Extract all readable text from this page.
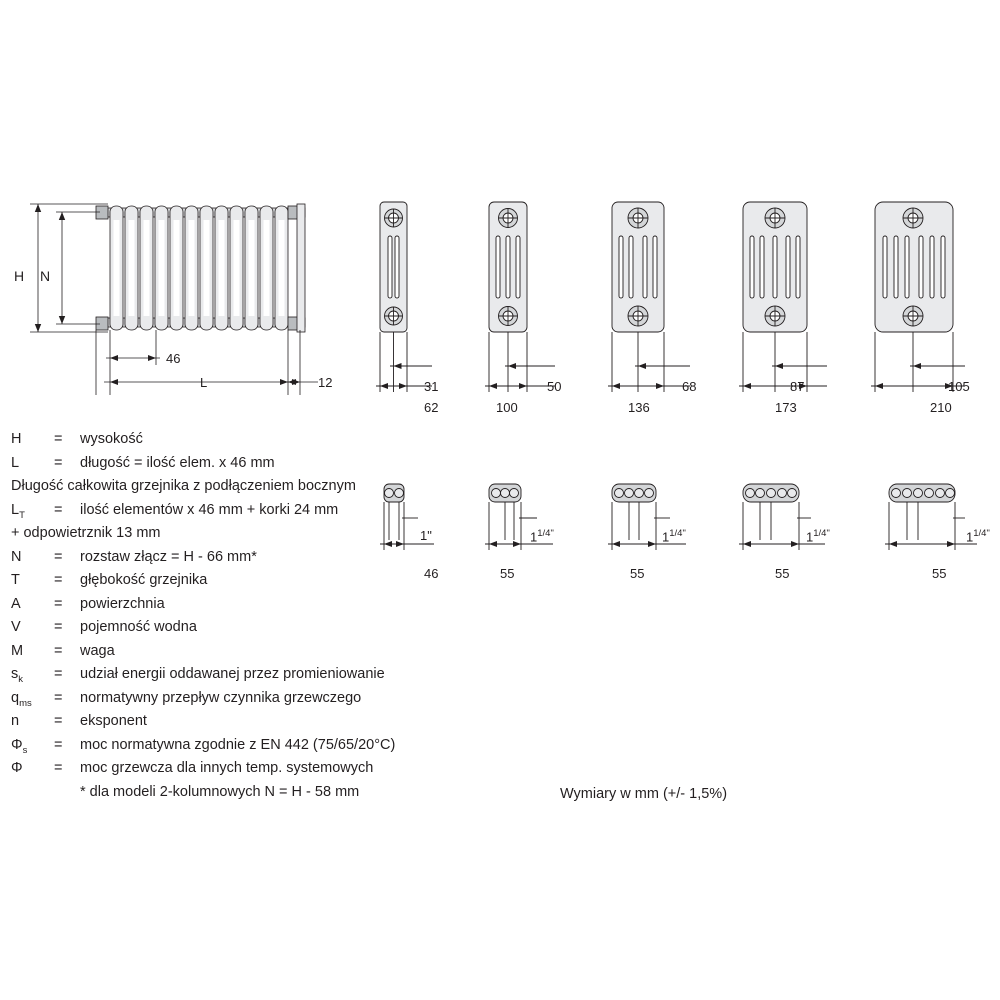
H N
46
L	12	31
62
50
100
68
136
87
173
105
210
1"
46
$1^{1/4"}$
55
$1^{1/4"}$
55
$1^{1/4"}$
55
$1^{1/4"}$
55
H	= wysokość
L	= długość = ilość elem. x 46 mm
Długość całkowita grzejnika z podłączeniem bocznym
$L_T$	= ilość elementów x 46 mm + korki 24 mm
+ odpowietrznik 13 mm
N	= rozstaw złącz = H - 66 mm*
T	= głębokość grzejnika
A	= powierzchnia
V	= pojemność wodna
M	= waga
$s_k$	= udział energii oddawanej przez promieniowanie
$q_{ms}$	= normatywny przepływ czynnika grzewczego
n	= eksponent
$\Phi_s$	= moc normatywna zgodnie z EN 442 (75/65/20°C)
Φ	= moc grzewcza dla innych temp. systemowych
* dla modeli 2-kolumnowych N = H - 58 mm	Wymiary w mm (+/- 1,5%)
